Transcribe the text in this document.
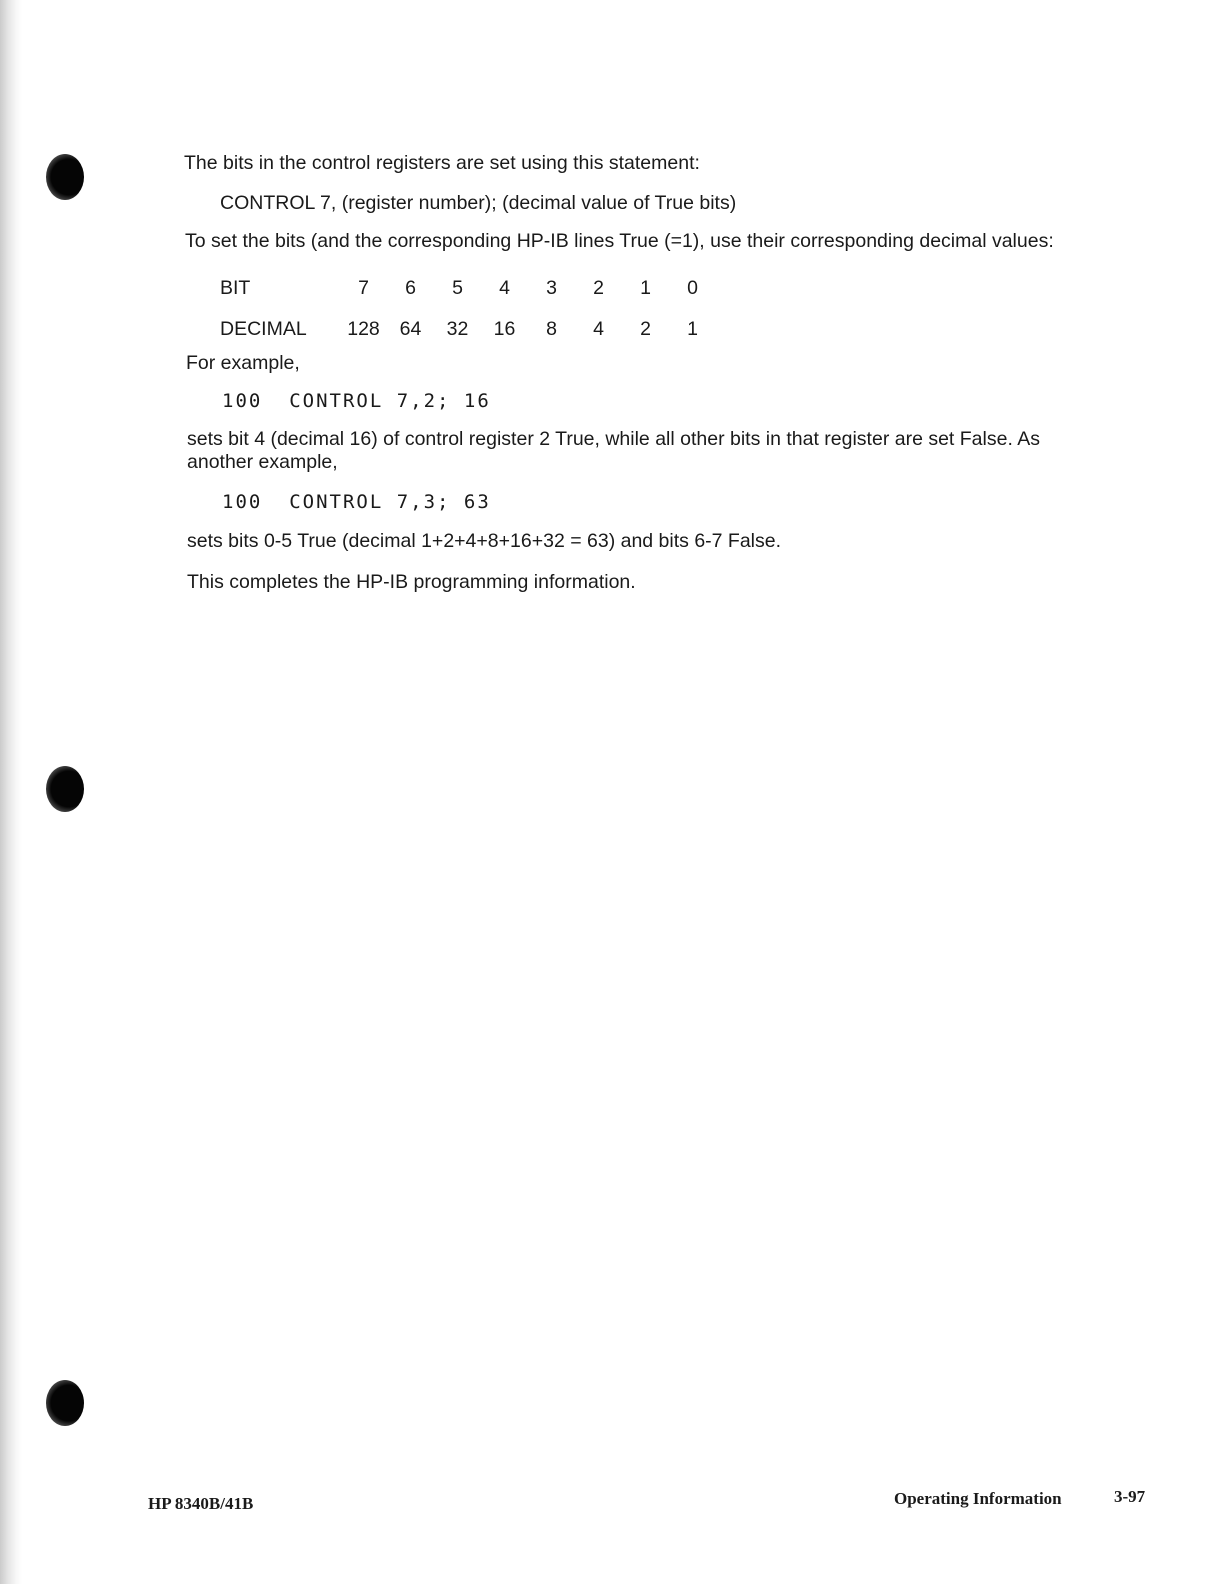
The bits in the control registers are set using this statement:

CONTROL 7, (register number); (decimal value of True bits)

To set the bits (and the corresponding HP-IB lines True (=1), use their corresponding decimal values:

BIT	7	6	5	4	3	2	1	0
DECIMAL	128	64	32	16	8	4	2	1

For example,

100  CONTROL 7,2; 16

sets bit 4 (decimal 16) of control register 2 True, while all other bits in that register are set False. As another example,

100  CONTROL 7,3; 63

sets bits 0-5 True (decimal 1+2+4+8+16+32 = 63) and bits 6-7 False.

This completes the HP-IB programming information.

HP 8340B/41B	Operating Information	3-97
